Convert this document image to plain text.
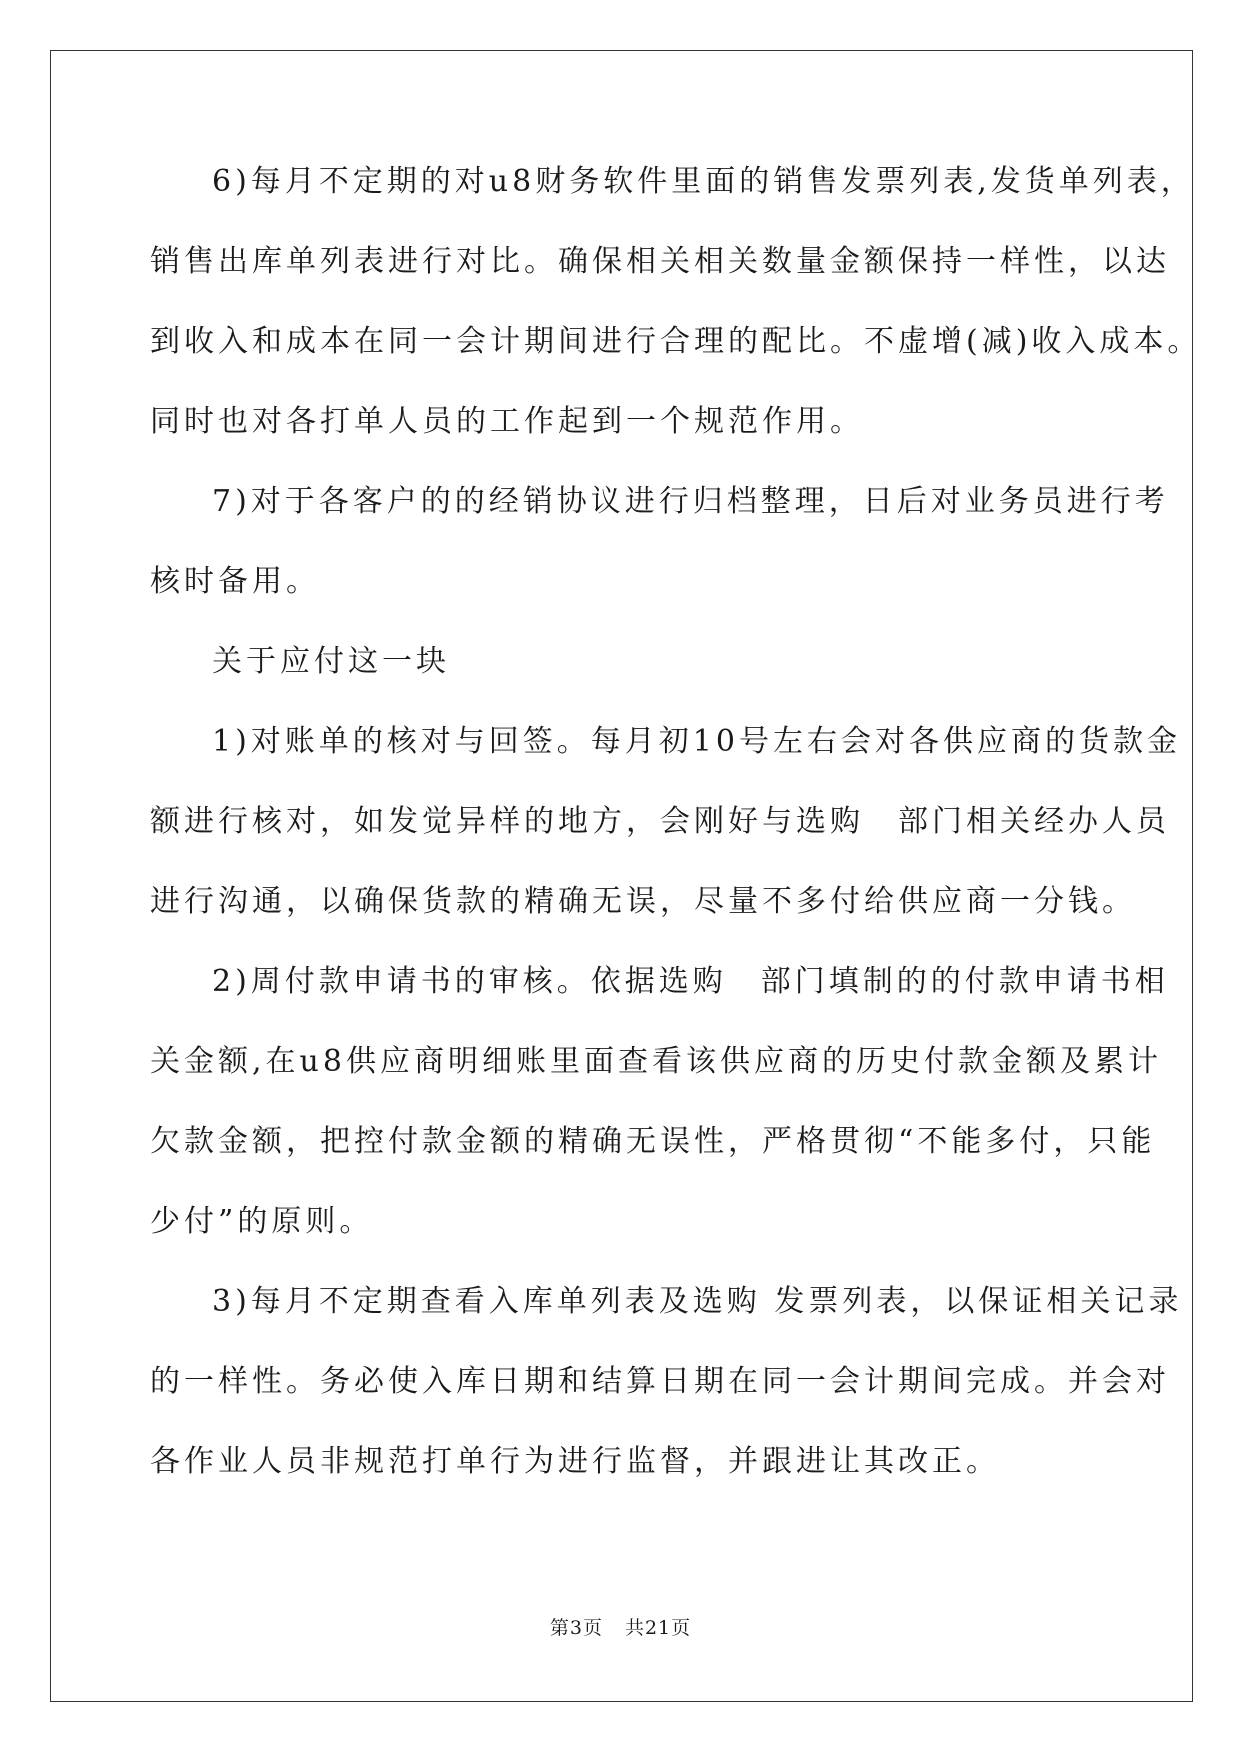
6)每月不定期的对u8财务软件里面的销售发票列表,发货单列表，
销售出库单列表进行对比。确保相关相关数量金额保持一样性，以达
到收入和成本在同一会计期间进行合理的配比。不虚增(减)收入成本。
同时也对各打单人员的工作起到一个规范作用。
7)对于各客户的的经销协议进行归档整理，日后对业务员进行考
核时备用。
关于应付这一块
1)对账单的核对与回签。每月初10号左右会对各供应商的货款金
额进行核对，如发觉异样的地方，会刚好与选购　部门相关经办人员
进行沟通，以确保货款的精确无误，尽量不多付给供应商一分钱。
2)周付款申请书的审核。依据选购　部门填制的的付款申请书相
关金额,在u8供应商明细账里面查看该供应商的历史付款金额及累计
欠款金额，把控付款金额的精确无误性，严格贯彻“不能多付，只能
少付”的原则。
3)每月不定期查看入库单列表及选购 发票列表，以保证相关记录
的一样性。务必使入库日期和结算日期在同一会计期间完成。并会对
各作业人员非规范打单行为进行监督，并跟进让其改正。
第3页 共21页
